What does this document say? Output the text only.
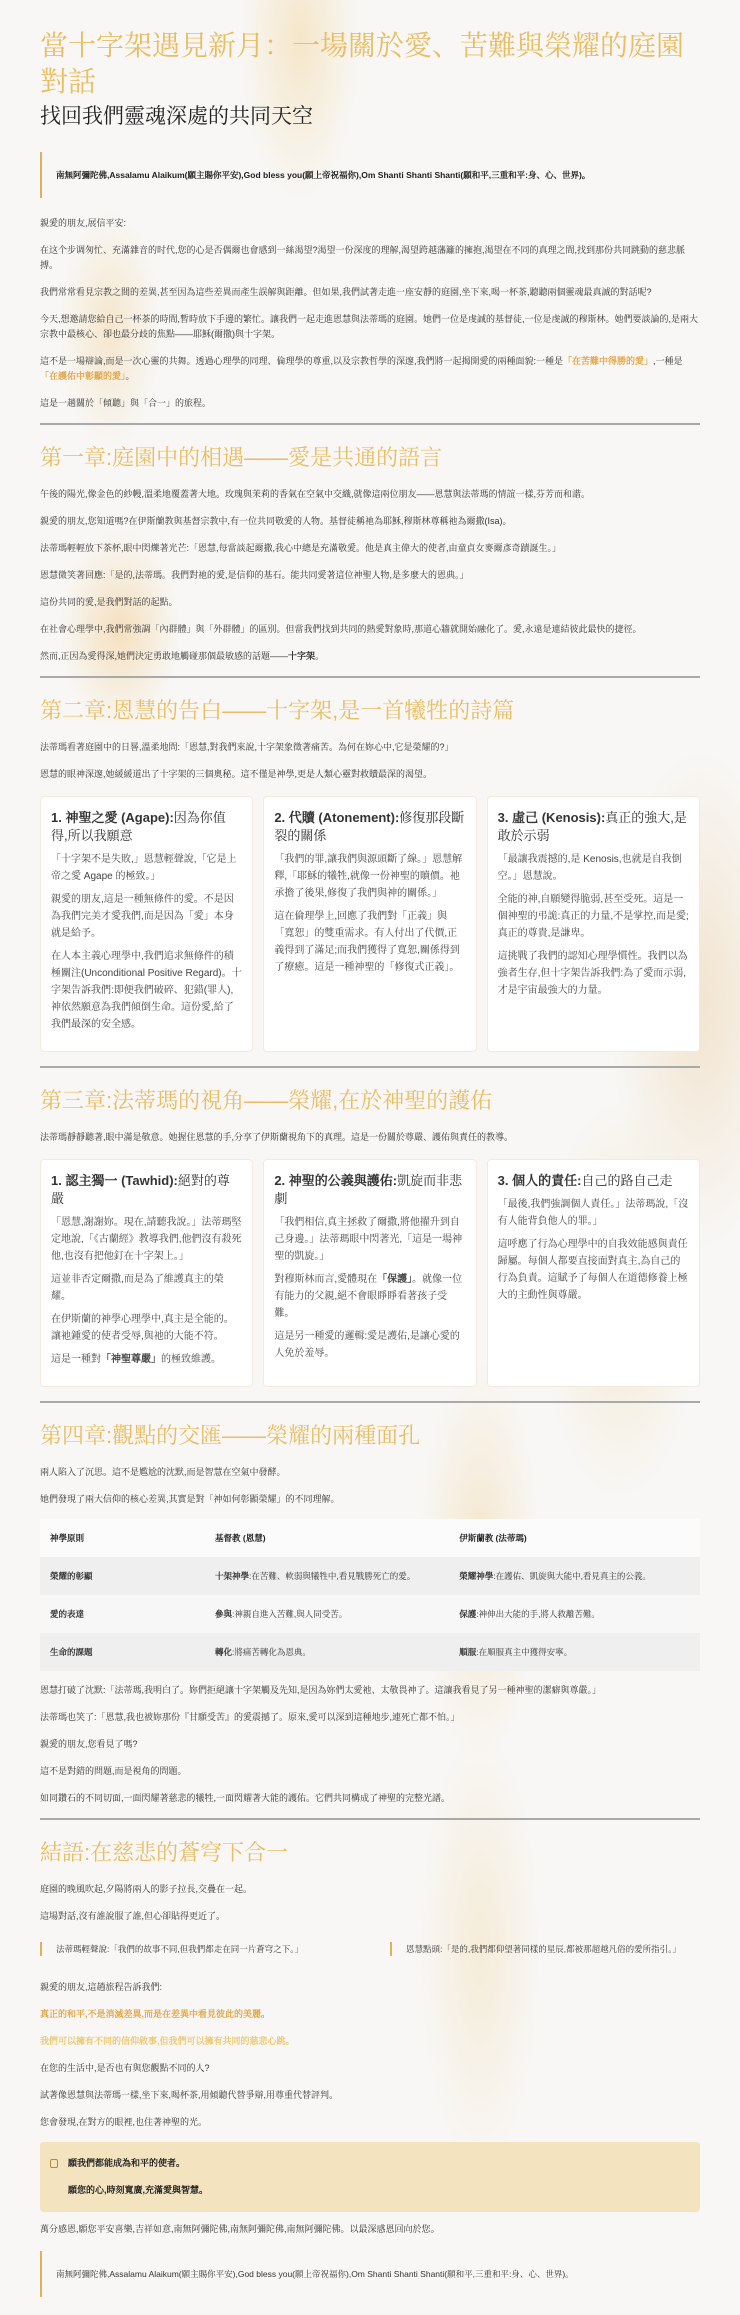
當十字架遇見新月：一場關於愛、苦難與榮耀的庭園對話
找回我們靈魂深處的共同天空
南無阿彌陀佛,Assalamu Alaikum(願主賜你平安),God bless you(願上帝祝福你),Om Shanti Shanti Shanti(願和平,三重和平:身、心、世界)。

親愛的朋友,展信平安:

在这个步调匆忙、充滿雜音的时代,您的心是否偶爾也會感到一絲渴望?渴望一份深度的理解,渴望跨越藩籬的擁抱,渴望在不同的真理之間,找到那份共同跳動的慈悲脈搏。

我們常常看見宗教之間的差異,甚至因為這些差異而產生誤解與距離。但如果,我們試著走進一座安靜的庭園,坐下來,喝一杯茶,聽聽兩個靈魂最真誠的對話呢?

今天,想邀請您給自己一杯茶的時間,暫時放下手邊的繁忙。讓我們一起走進恩慧與法蒂瑪的庭園。她們一位是虔誠的基督徒,一位是虔誠的穆斯林。她們要談論的,是兩大宗教中最核心、卻也最分歧的焦點——耶穌(爾撒)與十字架。

這不是一場辯論,而是一次心靈的共舞。透過心理學的同理、倫理學的尊重,以及宗教哲學的深邃,我們將一起揭開愛的兩種面貌:一種是「在苦難中得勝的愛」,一種是「在護佑中彰顯的愛」。

這是一趟關於「傾聽」與「合一」的旅程。

第一章:庭園中的相遇——愛是共通的語言

午後的陽光,像金色的紗幔,溫柔地覆蓋著大地。玫瑰與茉莉的香氣在空氣中交織,就像這兩位朋友——恩慧與法蒂瑪的情誼一樣,芬芳而和諧。

親愛的朋友,您知道嗎?在伊斯蘭教與基督宗教中,有一位共同敬愛的人物。基督徒稱祂為耶穌,穆斯林尊稱祂為爾撒(Isa)。

法蒂瑪輕輕放下茶杯,眼中閃爍著光芒:「恩慧,每當談起爾撒,我心中總是充滿敬愛。他是真主偉大的使者,由童貞女麥爾彥奇蹟誕生。」

恩慧微笑著回應:「是的,法蒂瑪。我們對祂的愛,是信仰的基石。能共同愛著這位神聖人物,是多麼大的恩典。」

這份共同的愛,是我們對話的起點。

在社會心理學中,我們常強調「內群體」與「外群體」的區別。但當我們找到共同的熱愛對象時,那道心牆就開始融化了。愛,永遠是連結彼此最快的捷徑。

然而,正因為愛得深,她們決定勇敢地觸碰那個最敏感的話題——十字架。

第二章:恩慧的告白——十字架,是一首犧牲的詩篇

法蒂瑪看著庭園中的日晷,溫柔地問:「恩慧,對我們來說,十字架象徵著痛苦。為何在妳心中,它是榮耀的?」

恩慧的眼神深邃,她緩緩道出了十字架的三個奧秘。這不僅是神學,更是人類心靈對救贖最深的渴望。

1. 神聖之愛 (Agape):因為你值得,所以我願意

「十字架不是失敗,」恩慧輕聲說,「它是上帝之愛 Agape 的極致。」

親愛的朋友,這是一種無條件的愛。不是因為我們完美才愛我們,而是因為「愛」本身就是給予。

在人本主義心理學中,我們追求無條件的積極關注(Unconditional Positive Regard)。十字架告訴我們:即便我們破碎、犯錯(罪人),神依然願意為我們傾倒生命。這份愛,給了我們最深的安全感。

2. 代贖 (Atonement):修復那段斷裂的關係

「我們的罪,讓我們與源頭斷了線。」恩慧解釋,「耶穌的犧牲,就像一份神聖的贖價。祂承擔了後果,修復了我們與神的關係。」

這在倫理學上,回應了我們對「正義」與「寬恕」的雙重需求。有人付出了代價,正義得到了滿足;而我們獲得了寬恕,關係得到了療癒。這是一種神聖的「修復式正義」。

3. 虛己 (Kenosis):真正的強大,是敢於示弱

「最讓我震撼的,是 Kenosis,也就是自我倒空。」恩慧說。

全能的神,自願變得脆弱,甚至受死。這是一個神聖的弔詭:真正的力量,不是掌控,而是愛;真正的尊貴,是謙卑。

這挑戰了我們的認知心理學慣性。我們以為強者生存,但十字架告訴我們:為了愛而示弱,才是宇宙最強大的力量。

第三章:法蒂瑪的視角——榮耀,在於神聖的護佑

法蒂瑪靜靜聽著,眼中滿是敬意。她握住恩慧的手,分享了伊斯蘭視角下的真理。這是一份關於尊嚴、護佑與責任的教導。

1. 認主獨一 (Tawhid):絕對的尊嚴

「恩慧,謝謝妳。現在,請聽我說。」法蒂瑪堅定地說,「《古蘭經》教導我們,他們沒有殺死他,也沒有把他釘在十字架上。」

這並非否定爾撒,而是為了維護真主的榮耀。

在伊斯蘭的神學心理學中,真主是全能的。讓祂鍾愛的使者受辱,與祂的大能不符。

這是一種對「神聖尊嚴」的極致維護。

2. 神聖的公義與護佑:凱旋而非悲劇

「我們相信,真主拯救了爾撒,將他擢升到自己身邊。」法蒂瑪眼中閃著光,「這是一場神聖的凱旋。」

對穆斯林而言,愛體現在「保護」。就像一位有能力的父親,絕不會眼睜睜看著孩子受難。

這是另一種愛的邏輯:愛是護佑,是讓心愛的人免於羞辱。

3. 個人的責任:自己的路自己走

「最後,我們強調個人責任。」法蒂瑪說,「沒有人能背負他人的罪。」

這呼應了行為心理學中的自我效能感與責任歸屬。每個人都要直接面對真主,為自己的行為負責。這賦予了每個人在道德修養上極大的主動性與尊嚴。

第四章:觀點的交匯——榮耀的兩種面孔

兩人陷入了沉思。這不是尷尬的沈默,而是智慧在空氣中發酵。

她們發現了兩大信仰的核心差異,其實是對「神如何彰顯榮耀」的不同理解。

神學原則	基督教 (恩慧)	伊斯蘭教 (法蒂瑪)
榮耀的彰顯	十架神學:在苦難、軟弱與犧牲中,看見戰勝死亡的愛。	榮耀神學:在護佑、凱旋與大能中,看見真主的公義。
愛的表達	參與:神親自進入苦難,與人同受苦。	保護:神伸出大能的手,將人救離苦難。
生命的課題	轉化:將痛苦轉化為恩典。	順服:在順服真主中獲得安寧。

恩慧打破了沈默:「法蒂瑪,我明白了。妳們拒絕讓十字架觸及先知,是因為妳們太愛祂、太敬畏神了。這讓我看見了另一種神聖的潔癖與尊嚴。」

法蒂瑪也笑了:「恩慧,我也被妳那份『甘願受苦』的愛震撼了。原來,愛可以深到這種地步,連死亡都不怕。」

親愛的朋友,您看見了嗎?

這不是對錯的問題,而是視角的問題。

如同鑽石的不同切面,一面閃耀著慈悲的犧牲,一面閃耀著大能的護佑。它們共同構成了神聖的完整光譜。

結語:在慈悲的蒼穹下合一

庭園的晚風吹起,夕陽將兩人的影子拉長,交疊在一起。

這場對話,沒有誰說服了誰,但心卻貼得更近了。

法蒂瑪輕聲說:「我們的故事不同,但我們都走在同一片蒼穹之下。」	恩慧點頭:「是的,我們都仰望著同樣的星辰,都被那超越凡俗的愛所指引。」

親愛的朋友,這趟旅程告訴我們:

真正的和平,不是消滅差異,而是在差異中看見彼此的美麗。

我們可以擁有不同的信仰敘事,但我們可以擁有共同的慈悲心跳。

在您的生活中,是否也有與您觀點不同的人?

試著像恩慧與法蒂瑪一樣,坐下來,喝杯茶,用傾聽代替爭辯,用尊重代替評判。

您會發現,在對方的眼裡,也住著神聖的光。

願我們都能成為和平的使者。

願您的心,時刻寬廣,充滿愛與智慧。

萬分感恩,願您平安喜樂,吉祥如意,南無阿彌陀佛,南無阿彌陀佛,南無阿彌陀佛。以最深感恩回向於您。

南無阿彌陀佛,Assalamu Alaikum(願主賜你平安),God bless you(願上帝祝福你),Om Shanti Shanti Shanti(願和平,三重和平:身、心、世界)。
